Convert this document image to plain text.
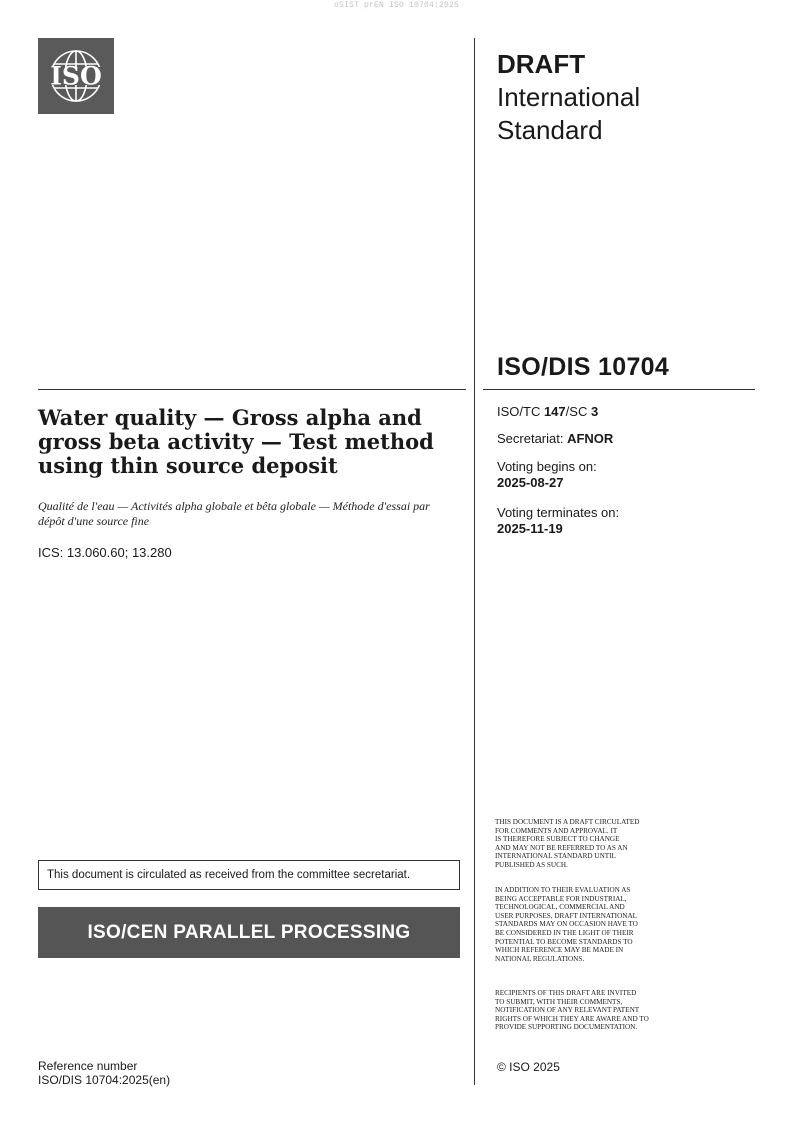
oSIST prEN ISO 10704:2025
ISO	DRAFT
International
Standard
ISO/DIS 10704
ISO/TC 147/SC 3
Secretariat: AFNOR
Voting begins on:
2025-08-27
Voting terminates on:
2025-11-19
Water quality — Gross alpha and gross beta activity — Test method using thin source deposit
Qualité de l'eau — Activités alpha globale et bêta globale — Méthode d'essai par dépôt d'une source fine
ICS: 13.060.60; 13.280
This document is circulated as received from the committee secretariat.
ISO/CEN PARALLEL PROCESSING
Reference number
ISO/DIS 10704:2025(en)
THIS DOCUMENT IS A DRAFT CIRCULATED
FOR COMMENTS AND APPROVAL. IT
IS THEREFORE SUBJECT TO CHANGE
AND MAY NOT BE REFERRED TO AS AN
INTERNATIONAL STANDARD UNTIL
PUBLISHED AS SUCH.
IN ADDITION TO THEIR EVALUATION AS
BEING ACCEPTABLE FOR INDUSTRIAL,
TECHNOLOGICAL, COMMERCIAL AND
USER PURPOSES, DRAFT INTERNATIONAL
STANDARDS MAY ON OCCASION HAVE TO
BE CONSIDERED IN THE LIGHT OF THEIR
POTENTIAL TO BECOME STANDARDS TO
WHICH REFERENCE MAY BE MADE IN
NATIONAL REGULATIONS.
RECIPIENTS OF THIS DRAFT ARE INVITED
TO SUBMIT, WITH THEIR COMMENTS,
NOTIFICATION OF ANY RELEVANT PATENT
RIGHTS OF WHICH THEY ARE AWARE AND TO
PROVIDE SUPPORTING DOCUMENTATION.
© ISO 2025
